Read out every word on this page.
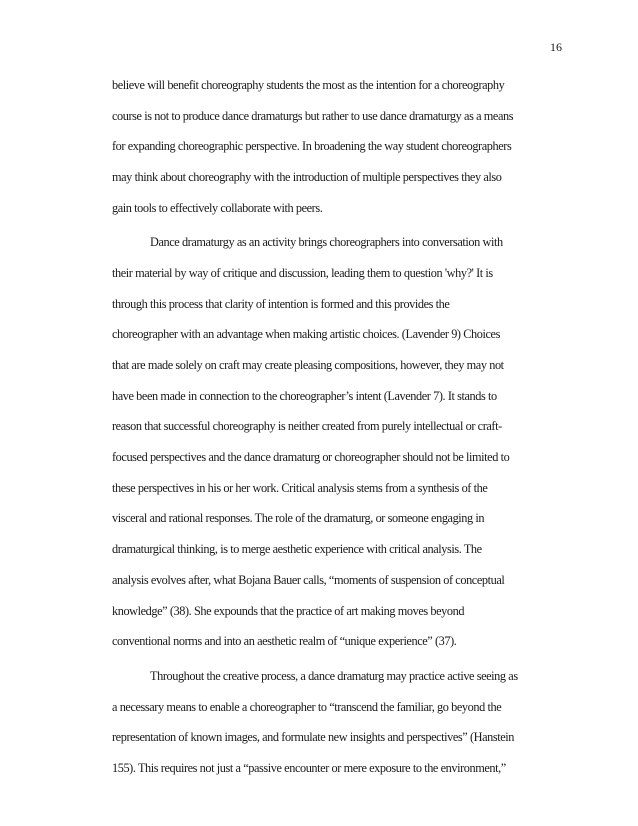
16
believe will benefit choreography students the most as the intention for a choreography
course is not to produce dance dramaturgs but rather to use dance dramaturgy as a means
for expanding choreographic perspective. In broadening the way student choreographers
may think about choreography with the introduction of multiple perspectives they also
gain tools to effectively collaborate with peers.
Dance dramaturgy as an activity brings choreographers into conversation with
their material by way of critique and discussion, leading them to question 'why?' It is
through this process that clarity of intention is formed and this provides the
choreographer with an advantage when making artistic choices. (Lavender 9) Choices
that are made solely on craft may create pleasing compositions, however, they may not
have been made in connection to the choreographer’s intent (Lavender 7). It stands to
reason that successful choreography is neither created from purely intellectual or craft-
focused perspectives and the dance dramaturg or choreographer should not be limited to
these perspectives in his or her work. Critical analysis stems from a synthesis of the
visceral and rational responses. The role of the dramaturg, or someone engaging in
dramaturgical thinking, is to merge aesthetic experience with critical analysis. The
analysis evolves after, what Bojana Bauer calls, “moments of suspension of conceptual
knowledge” (38). She expounds that the practice of art making moves beyond
conventional norms and into an aesthetic realm of “unique experience” (37).
Throughout the creative process, a dance dramaturg may practice active seeing as
a necessary means to enable a choreographer to “transcend the familiar, go beyond the
representation of known images, and formulate new insights and perspectives” (Hanstein
155). This requires not just a “passive encounter or mere exposure to the environment,”
